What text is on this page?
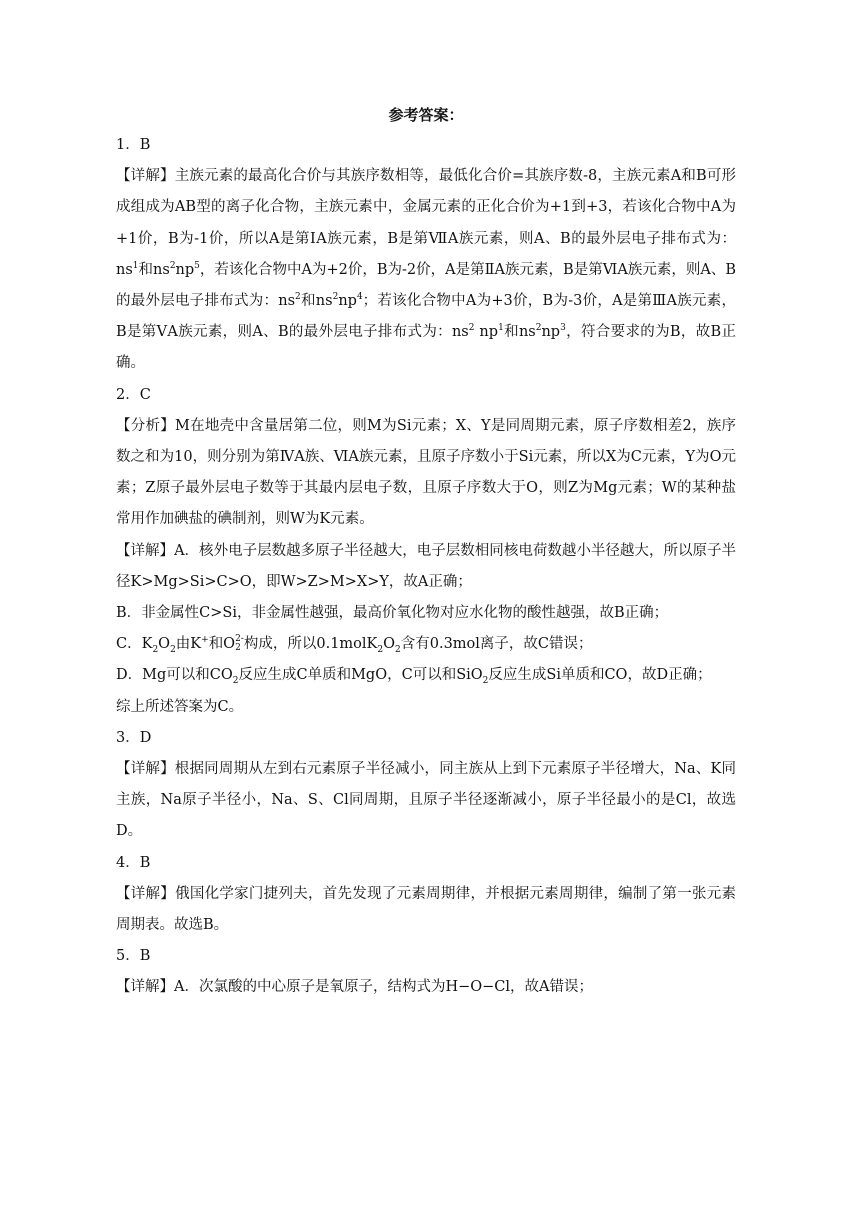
参考答案：

1．B

【详解】主族元素的最高化合价与其族序数相等，最低化合价=其族序数-8，主族元素A和B可形成组成为AB型的离子化合物，主族元素中，金属元素的正化合价为+1到+3，若该化合物中A为+1价，B为-1价，所以A是第ⅠA族元素，B是第ⅦA族元素，则A、B的最外层电子排布式为：$ns^1$和$ns^2np^5$，若该化合物中A为+2价，B为-2价，A是第ⅡA族元素，B是第ⅥA族元素，则A、B的最外层电子排布式为：$ns^2$和$ns^2np^4$；若该化合物中A为+3价，B为-3价，A是第ⅢA族元素，B是第ⅤA族元素，则A、B的最外层电子排布式为：$ns^2$ $np^1$和$ns^2np^3$，符合要求的为B，故B正确。

2．C

【分析】M在地壳中含量居第二位，则M为Si元素；X、Y是同周期元素，原子序数相差2，族序数之和为10，则分别为第ⅣA族、ⅥA族元素，且原子序数小于Si元素，所以X为C元素，Y为O元素；Z原子最外层电子数等于其最内层电子数，且原子序数大于O，则Z为Mg元素；W的某种盐常用作加碘盐的碘制剂，则W为K元素。

【详解】A．核外电子层数越多原子半径越大，电子层数相同核电荷数越小半径越大，所以原子半径K>Mg>Si>C>O，即W>Z>M>X>Y，故A正确；

B．非金属性C>Si，非金属性越强，最高价氧化物对应水化物的酸性越强，故B正确；

C．$K_2O_2$由K+和O 2-
2 构成，所以$0.1molK_2O_2$含有0.3mol离子，故C错误；

D．Mg可以和$CO_2$反应生成C单质和MgO，C可以和SiO$_2$反应生成Si单质和CO，故D正确；

综上所述答案为C。

3．D

【详解】根据同周期从左到右元素原子半径减小，同主族从上到下元素原子半径增大，Na、K同主族，Na原子半径小，Na、S、Cl同周期，且原子半径逐渐减小，原子半径最小的是Cl，故选D。

4．B

【详解】俄国化学家门捷列夫，首先发现了元素周期律，并根据元素周期律，编制了第一张元素周期表。故选B。

5．B

【详解】A．次氯酸的中心原子是氧原子，结构式为H−O−Cl，故A错误；
